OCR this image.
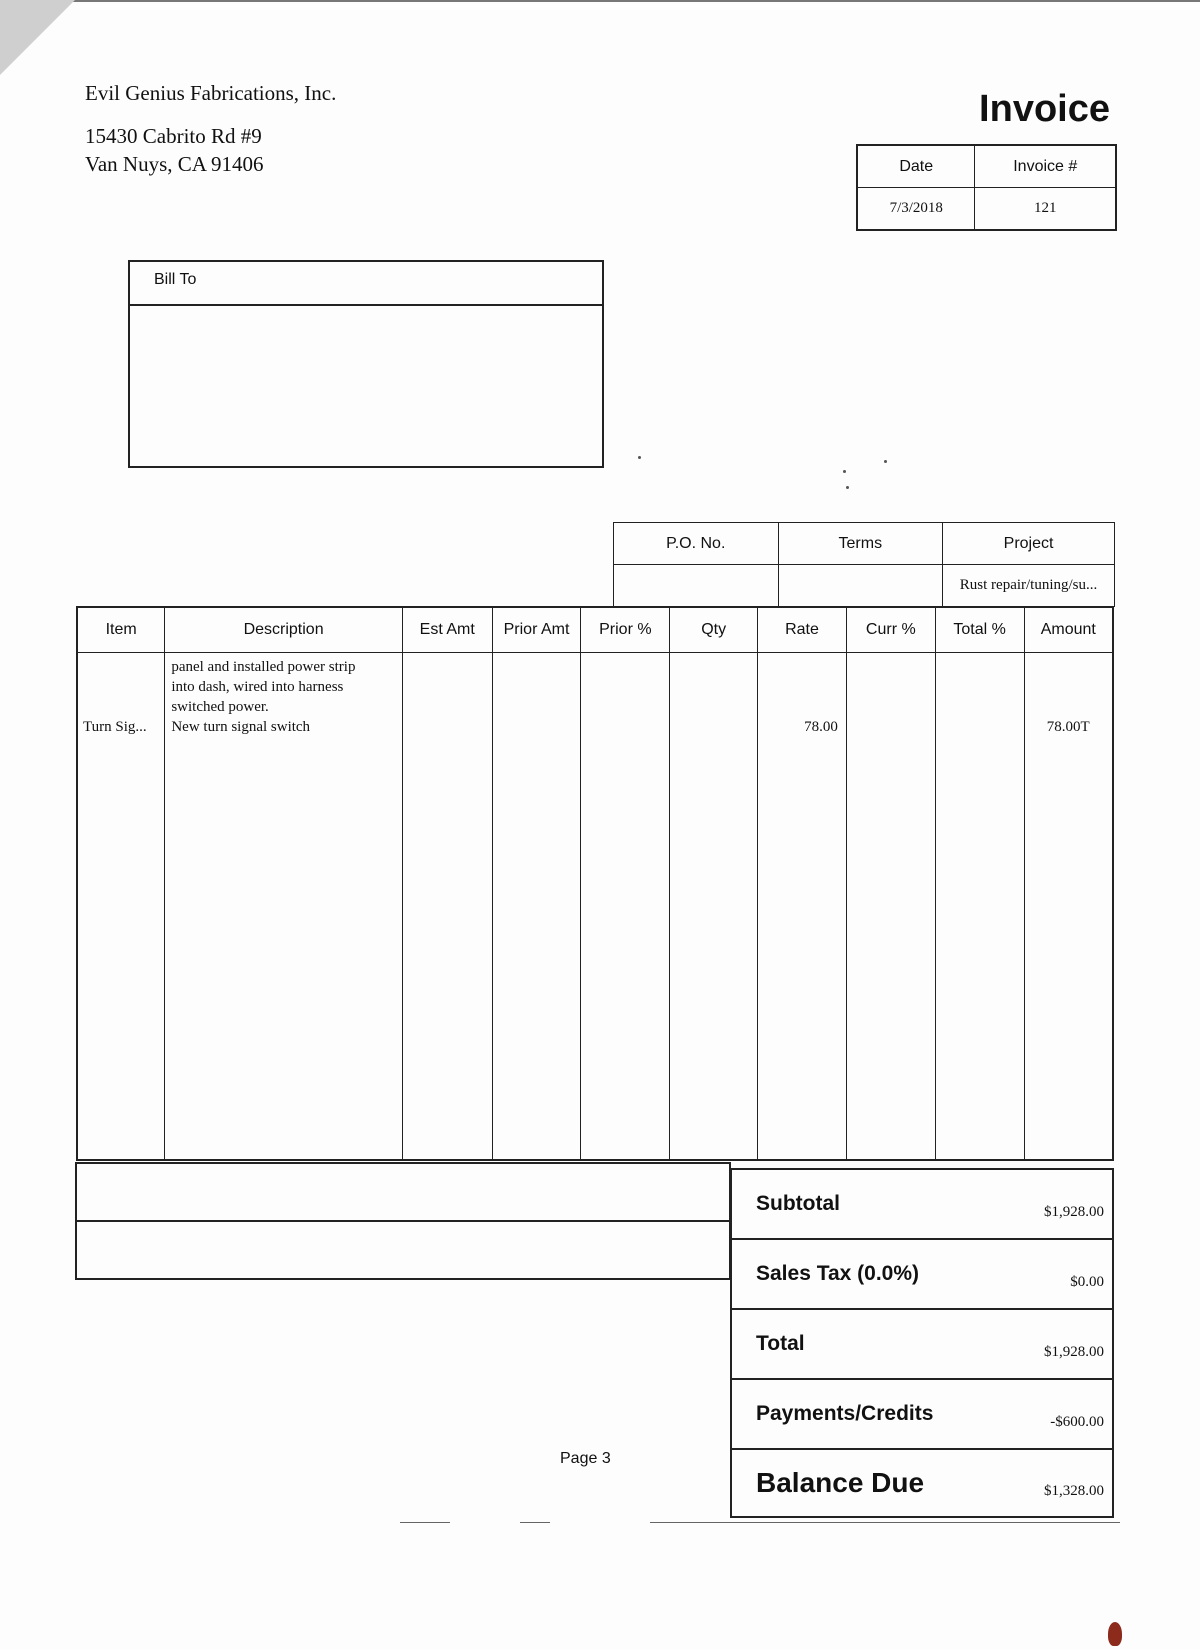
Evil Genius Fabrications, Inc.
15430 Cabrito Rd #9
Van Nuys, CA 91406
Invoice
Date	Invoice #
7/3/2018	121
Bill To
P.O. No.	Terms	Project
		Rust repair/tuning/su...
Item	Description	Est Amt	Prior Amt	Prior %	Qty	Rate	Curr %	Total %	Amount

Turn Sig...	panel and installed power strip
into dash, wired into harness
switched power.
New turn signal switch					78.00			78.00T

Subtotal	$1,928.00
Sales Tax (0.0%)	$0.00
Total	$1,928.00
Payments/Credits	-$600.00
Balance Due	$1,328.00
Page 3
